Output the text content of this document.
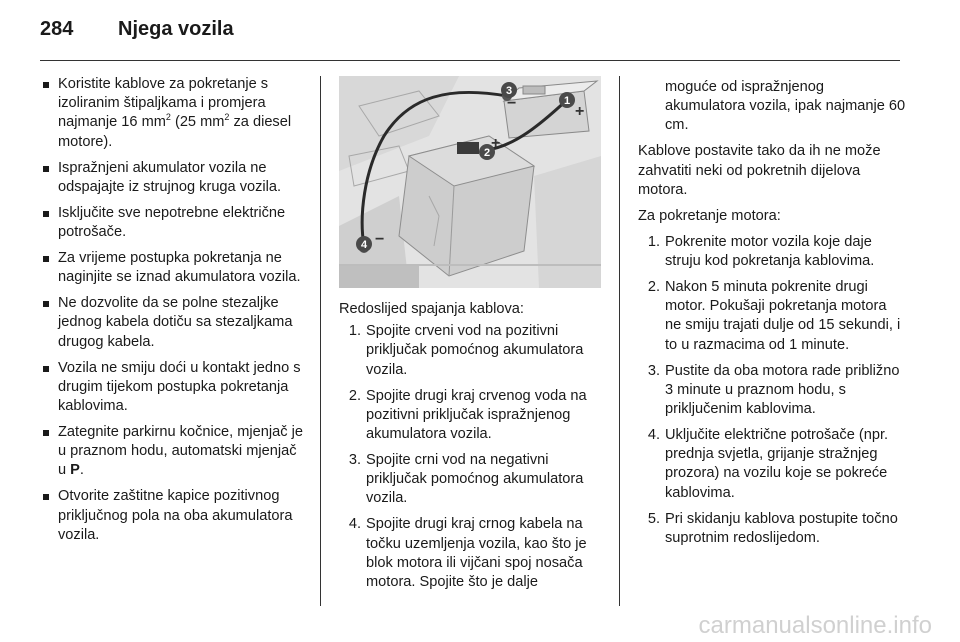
284 Njega vozila
Koristite kablove za pokretanje s izoliranim štipaljkama i promjera najmanje 16 $mm^2$ (25 $mm^2$ za diesel motore).
Ispražnjeni akumulator vozila ne odspajajte iz strujnog kruga vozila.
Isključite sve nepotrebne električne potrošače.
Za vrijeme postupka pokretanja ne naginjite se iznad akumulatora vozila.
Ne dozvolite da se polne stezaljke jednog kabela dotiču sa stezaljkama drugog kabela.
Vozila ne smiju doći u kontakt jedno s drugim tijekom postupka pokretanja kablovima.
Zategnite parkirnu kočnice, mjenjač je u praznom hodu, automatski mjenjač u P.
Otvorite zaštitne kapice pozitivnog priključnog pola na oba akumulatora vozila.
1
2
3
4
+
+
−
−

Redoslijed spajanja kablova:

1. Spojite crveni vod na pozitivni priključak pomoćnog akumulatora vozila.
2. Spojite drugi kraj crvenog voda na pozitivni priključak ispražnjenog akumulatora vozila.
3. Spojite crni vod na negativni priključak pomoćnog akumulatora vozila.
4. Spojite drugi kraj crnog kabela na točku uzemljenja vozila, kao što je blok motora ili vijčani spoj nosača motora. Spojite što je dalje

moguće od ispražnjenog akumulatora vozila, ipak najmanje 60 cm.

Kablove postavite tako da ih ne može zahvatiti neki od pokretnih dijelova motora.

Za pokretanje motora:

1. Pokrenite motor vozila koje daje struju kod pokretanja kablovima.
2. Nakon 5 minuta pokrenite drugi motor. Pokušaji pokretanja motora ne smiju trajati dulje od 15 sekundi, i to u razmacima od 1 minute.
3. Pustite da oba motora rade približno 3 minute u praznom hodu, s priključenim kablovima.
4. Uključite električne potrošače (npr. prednja svjetla, grijanje stražnjeg prozora) na vozilu koje se pokreće kablovima.
5. Pri skidanju kablova postupite točno suprotnim redoslijedom.
carmanualsonline.info
